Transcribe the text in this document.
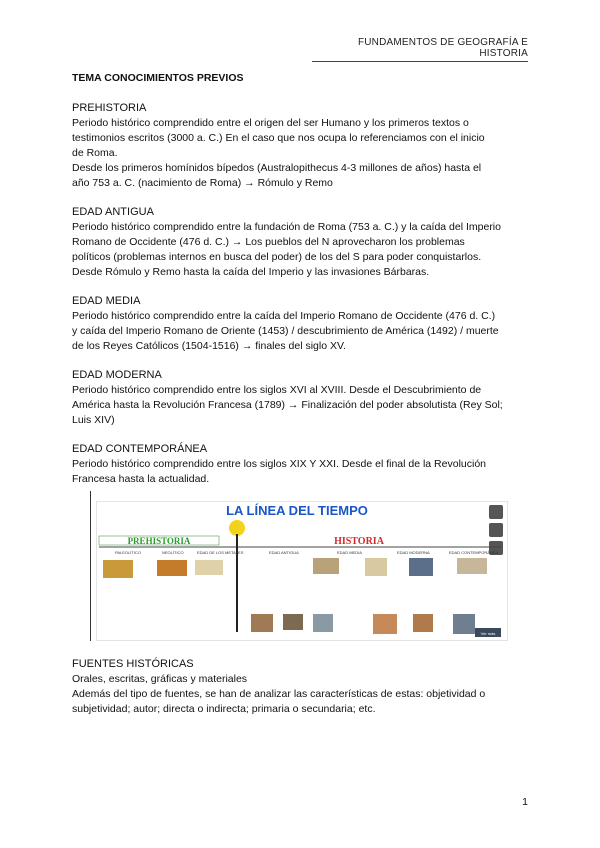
FUNDAMENTOS DE GEOGRAFÍA E HISTORIA
TEMA CONOCIMIENTOS PREVIOS
PREHISTORIA
Periodo histórico comprendido entre el origen del ser Humano y los primeros textos o
testimonios escritos (3000 a. C.) En el caso que nos ocupa lo referenciamos con el inicio
de Roma.
Desde los primeros homínidos bípedos (Australopithecus 4-3 millones de años) hasta el
año 753 a. C. (nacimiento de Roma) → Rómulo y Remo
EDAD ANTIGUA
Periodo histórico comprendido entre la fundación de Roma (753 a. C.) y la caída del Imperio
Romano de Occidente (476 d. C.) → Los pueblos del N aprovecharon los problemas
políticos (problemas internos en busca del poder) de los del S para poder conquistarlos.
Desde Rómulo y Remo hasta la caída del Imperio y las invasiones Bárbaras.
EDAD MEDIA
Periodo histórico comprendido entre la caída del Imperio Romano de Occidente (476 d. C.)
y caída del Imperio Romano de Oriente (1453) / descubrimiento de América (1492) / muerte
de los Reyes Católicos (1504-1516) → finales del siglo XV.
EDAD MODERNA
Periodo histórico comprendido entre los siglos XVI al XVIII. Desde el Descubrimiento de
América hasta la Revolución Francesa (1789) → Finalización del poder absolutista (Rey Sol;
Luis XIV)
EDAD CONTEMPORÁNEA
Periodo histórico comprendido entre los siglos XIX Y XXI. Desde el final de la Revolución
Francesa hasta la actualidad.
LA LÍNEA DEL TIEMPO
PREHISTORIA	HISTORIA
PALEOLÍTICO	NEOLÍTICO	EDAD DE LOS METALES	EDAD ANTIGUA	EDAD MEDIA	EDAD MODERNA	EDAD CONTEMPORÁNEA
Ver más
FUENTES HISTÓRICAS
Orales, escritas, gráficas y materiales
Además del tipo de fuentes, se han de analizar las características de estas: objetividad o
subjetividad; autor; directa o indirecta; primaria o secundaria; etc.
1
